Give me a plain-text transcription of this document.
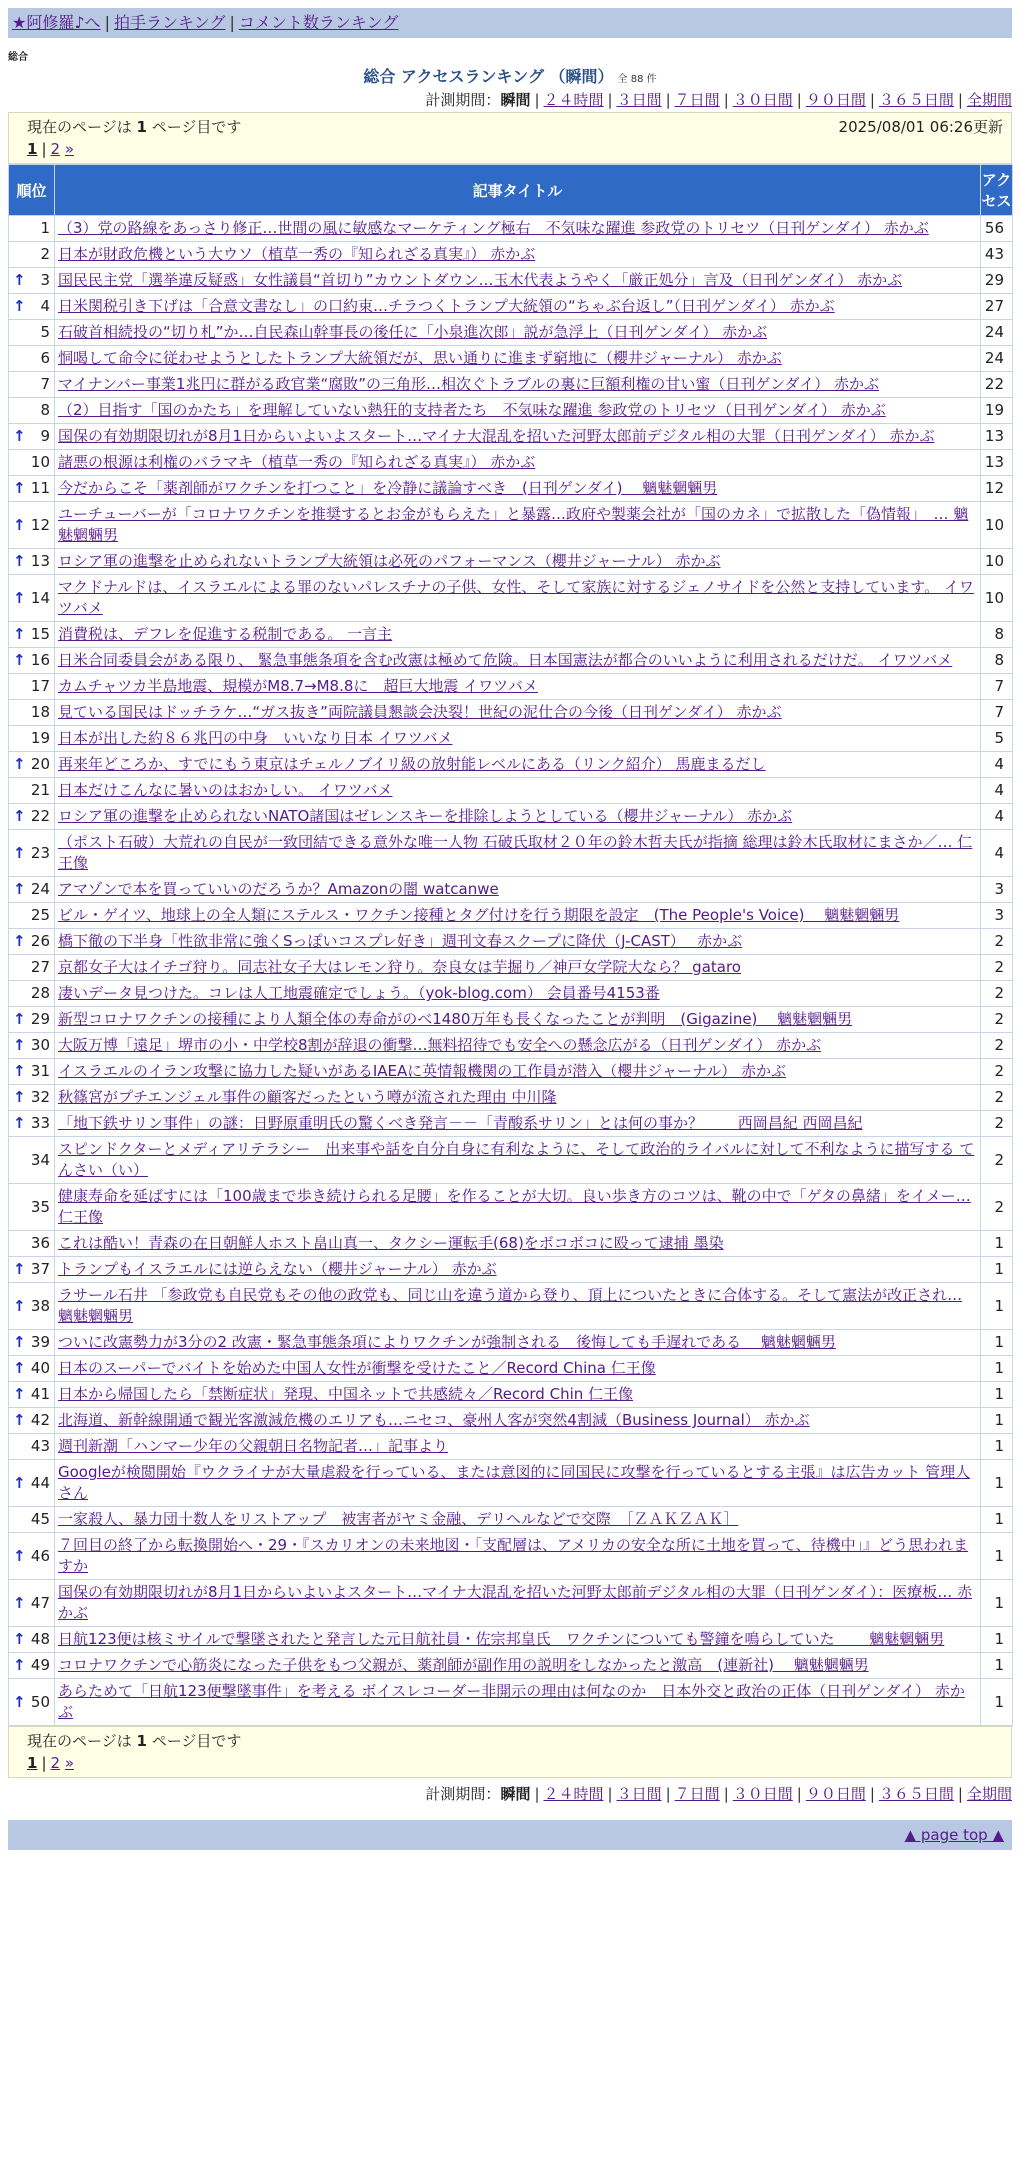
★阿修羅♪へ | 拍手ランキング | コメント数ランキング
総合
総合 アクセスランキング （瞬間） 全 88 件
計測期間：瞬間 | ２４時間 | ３日間 | ７日間 | ３０日間 | ９０日間 | ３６５日間 | 全期間
現在のページは 1 ページ目です	2025/08/01 06:26更新
1 | 2 »
順位	記事タイトル	アクセス
1	（3）党の路線をあっさり修正…世間の風に敏感なマーケティング極右　不気味な躍進 参政党のトリセツ（日刊ゲンダイ） 赤かぶ	56
2	日本が財政危機という大ウソ（植草一秀の『知られざる真実』） 赤かぶ	43

↑ 3	国民民主党「選挙違反疑惑」女性議員“首切り”カウントダウン…玉木代表ようやく「厳正処分」言及（日刊ゲンダイ） 赤かぶ	29

↑ 4	日米関税引き下げは「合意文書なし」の口約束…チラつくトランプ大統領の“ちゃぶ台返し”（日刊ゲンダイ） 赤かぶ	27
5	石破首相続投の“切り札”か…自民森山幹事長の後任に「小泉進次郎」説が急浮上（日刊ゲンダイ） 赤かぶ	24
6	恫喝して命令に従わせようとしたトランプ大統領だが、思い通りに進まず窮地に（櫻井ジャーナル） 赤かぶ	24
7	マイナンバー事業1兆円に群がる政官業“腐敗”の三角形…相次ぐトラブルの裏に巨額利権の甘い蜜（日刊ゲンダイ） 赤かぶ	22
8	（2）目指す「国のかたち」を理解していない熱狂的支持者たち　不気味な躍進 参政党のトリセツ（日刊ゲンダイ） 赤かぶ	19

↑ 9	国保の有効期限切れが8月1日からいよいよスタート…マイナ大混乱を招いた河野太郎前デジタル相の大罪（日刊ゲンダイ） 赤かぶ	13
10	諸悪の根源は利権のバラマキ（植草一秀の『知られざる真実』） 赤かぶ	13

↑ 11	今だからこそ「薬剤師がワクチンを打つこと」を冷静に議論すべき　(日刊ゲンダイ)　 魑魅魍魎男	12

↑ 12	ユーチューバーが「コロナワクチンを推奨するとお金がもらえた」と暴露…政府や製薬会社が「国のカネ」で拡散した「偽情報」　… 魑魅魍魎男	10

↑ 13	ロシア軍の進撃を止められないトランプ大統領は必死のパフォーマンス（櫻井ジャーナル） 赤かぶ	10

↑ 14	マクドナルドは、イスラエルによる罪のないパレスチナの子供、女性、そして家族に対するジェノサイドを公然と支持しています。 イワツバメ	10

↑ 15	消費税は、デフレを促進する税制である。 一言主	8

↑ 16	日米合同委員会がある限り、 緊急事態条項を含む改憲は極めて危険。日本国憲法が都合のいいように利用されるだけだ。 イワツバメ	8
17	カムチャツカ半島地震、規模がM8.7→M8.8に　超巨大地震 イワツバメ	7
18	見ている国民はドッチラケ…“ガス抜き”両院議員懇談会決裂！世紀の泥仕合の今後（日刊ゲンダイ） 赤かぶ	7
19	日本が出した約８６兆円の中身　いいなり日本 イワツバメ	5

↑ 20	再来年どころか、すでにもう東京はチェルノブイリ級の放射能レベルにある（リンク紹介） 馬鹿まるだし	4
21	日本だけこんなに暑いのはおかしい。 イワツバメ	4

↑ 22	ロシア軍の進撃を止められないNATO諸国はゼレンスキーを排除しようとしている（櫻井ジャーナル） 赤かぶ	4

↑ 23	（ポスト石破）大荒れの自民が一致団結できる意外な唯一人物 石破氏取材２０年の鈴木哲夫氏が指摘 総理は鈴木氏取材にまさか／… 仁王像	4

↑ 24	アマゾンで本を買っていいのだろうか？Amazonの闇 watcanwe	3
25	ビル・ゲイツ、地球上の全人類にステルス・ワクチン接種とタグ付けを行う期限を設定　(The People's Voice)　 魑魅魍魎男	3

↑ 26	橋下徹の下半身「性欲非常に強くSっぽいコスプレ好き」週刊文春スクープに降伏（J-CAST）　 赤かぶ	2
27	京都女子大はイチゴ狩り。同志社女子大はレモン狩り。奈良女は芋掘り／神戸女学院大なら？ gataro	2
28	凄いデータ見つけた。コレは人工地震確定でしょう。（yok-blog.com） 会員番号4153番	2

↑ 29	新型コロナワクチンの接種により人類全体の寿命がのべ1480万年も長くなったことが判明　(Gigazine)　 魑魅魍魎男	2

↑ 30	大阪万博「遠足」堺市の小・中学校8割が辞退の衝撃…無料招待でも安全への懸念広がる（日刊ゲンダイ） 赤かぶ	2

↑ 31	イスラエルのイラン攻撃に協力した疑いがあるIAEAに英情報機関の工作員が潜入（櫻井ジャーナル） 赤かぶ	2

↑ 32	秋篠宮がプチエンジェル事件の顧客だったという噂が流された理由 中川隆	2

↑ 33	「地下鉄サリン事件」の謎：日野原重明氏の驚くべき発言－－「青酸系サリン」とは何の事か？　　 西岡昌紀 西岡昌紀	2
34	スピンドクターとメディアリテラシー　出来事や話を自分自身に有利なように、そして政治的ライバルに対して不利なように描写する てんさい（い）	2
35	健康寿命を延ばすには「100歳まで歩き続けられる足腰」を作ることが大切。良い歩き方のコツは、靴の中で「ゲタの鼻緒」をイメー… 仁王像	2
36	これは酷い！青森の在日朝鮮人ホスト畠山真一、タクシー運転手(68)をボコボコに殴って逮捕 墨染	1

↑ 37	トランプもイスラエルには逆らえない（櫻井ジャーナル） 赤かぶ	1

↑ 38	ラサール石井 「参政党も自民党もその他の政党も、同じ山を違う道から登り、頂上についたときに合体する。そして憲法が改正され… 魑魅魍魎男	1

↑ 39	ついに改憲勢力が3分の2 改憲・緊急事態条項によりワクチンが強制される　後悔しても手遅れである　 魑魅魍魎男	1

↑ 40	日本のスーパーでバイトを始めた中国人女性が衝撃を受けたこと／Record China 仁王像	1

↑ 41	日本から帰国したら「禁断症状」発現、中国ネットで共感続々／Record Chin 仁王像	1

↑ 42	北海道、新幹線開通で観光客激減危機のエリアも…ニセコ、豪州人客が突然4割減（Business Journal） 赤かぶ	1
43	週刊新潮「ハンマー少年の父親朝日名物記者…」記事より	1

↑ 44	Googleが検閲開始『ウクライナが大量虐殺を行っている、または意図的に同国民に攻撃を行っているとする主張』は広告カット 管理人さん	1
45	一家殺人、暴力団十数人をリストアップ　被害者がヤミ金融、デリヘルなどで交際　［ＺＡＫＺＡＫ］	1

↑ 46	７回目の終了から転換開始へ・29・『スカリオンの未来地図・「支配層は、アメリカの安全な所に土地を買って、待機中」』どう思われますか	1

↑ 47	国保の有効期限切れが8月1日からいよいよスタート…マイナ大混乱を招いた河野太郎前デジタル相の大罪（日刊ゲンダイ）：医療板… 赤かぶ	1

↑ 48	日航123便は核ミサイルで撃墜されたと発言した元日航社員・佐宗邦皇氏　ワクチンについても警鐘を鳴らしていた　　 魑魅魍魎男	1

↑ 49	コロナワクチンで心筋炎になった子供をもつ父親が、薬剤師が副作用の説明をしなかったと激高　(連新社)　 魑魅魍魎男	1

↑ 50	あらためて「日航123便撃墜事件」を考える ボイスレコーダー非開示の理由は何なのか　日本外交と政治の正体（日刊ゲンダイ） 赤かぶ	1
現在のページは 1 ページ目です
1 | 2 »
計測期間：瞬間 | ２４時間 | ３日間 | ７日間 | ３０日間 | ９０日間 | ３６５日間 | 全期間
▲ page top ▲
